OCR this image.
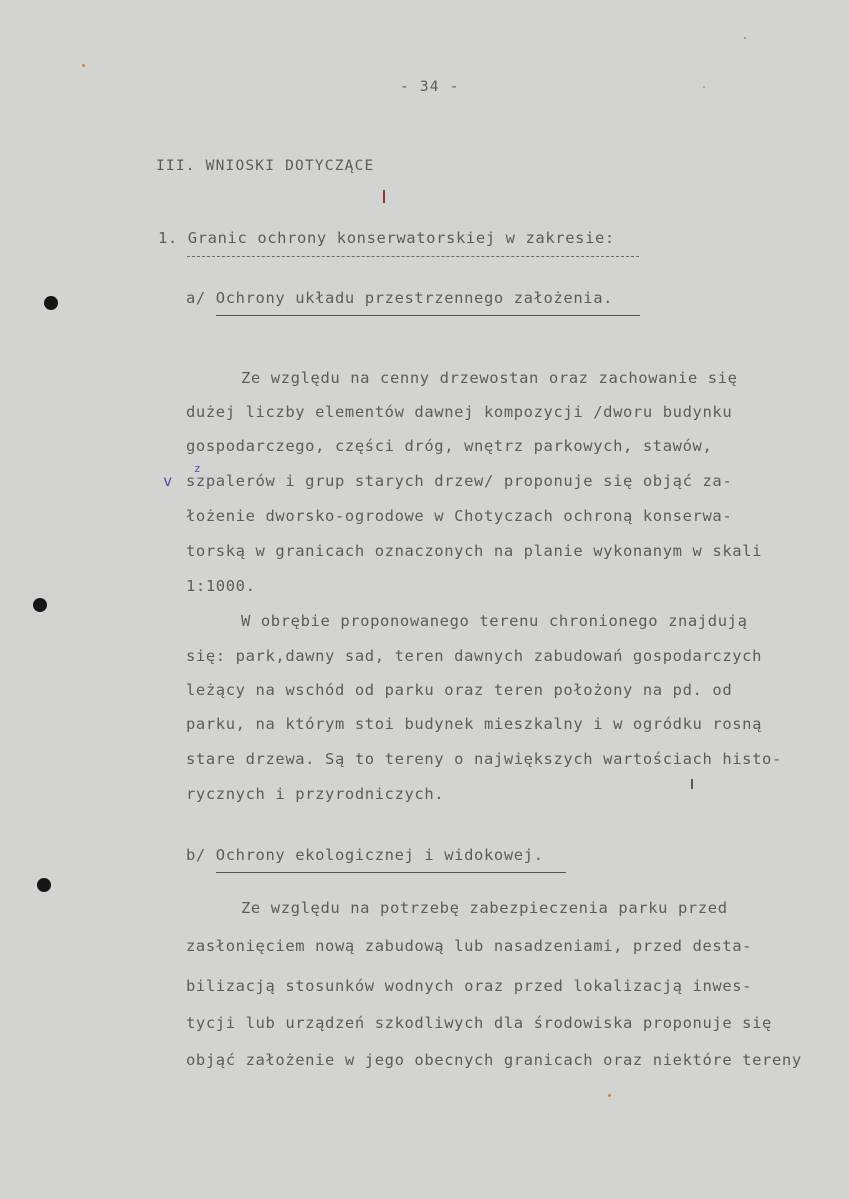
- 34 -
III. WNIOSKI DOTYCZĄCE
1. Granic ochrony konserwatorskiej w zakresie:
a/ Ochrony układu przestrzennego założenia.
Ze względu na cenny drzewostan oraz zachowanie się
dużej liczby elementów dawnej kompozycji /dworu budynku
gospodarczego, części dróg, wnętrz parkowych, stawów,
szpalerów i grup starych drzew/ proponuje się objąć za-
łożenie dworsko-ogrodowe w Chotyczach ochroną konserwa-
torską w granicach oznaczonych na planie wykonanym w skali
1:1000.
v
z
W obrębie proponowanego terenu chronionego znajdują
się: park,dawny sad, teren dawnych zabudowań gospodarczych
leżący na wschód od parku oraz teren położony na pd. od
parku, na którym stoi budynek mieszkalny i w ogródku rosną
stare drzewa. Są to tereny o największych wartościach histo-
rycznych i przyrodniczych.
b/ Ochrony ekologicznej i widokowej.
Ze względu na potrzebę zabezpieczenia parku przed
zasłonięciem nową zabudową lub nasadzeniami, przed desta-
bilizacją stosunków wodnych oraz przed lokalizacją inwes-
tycji lub urządzeń szkodliwych dla środowiska proponuje się
objąć założenie w jego obecnych granicach oraz niektóre tereny
